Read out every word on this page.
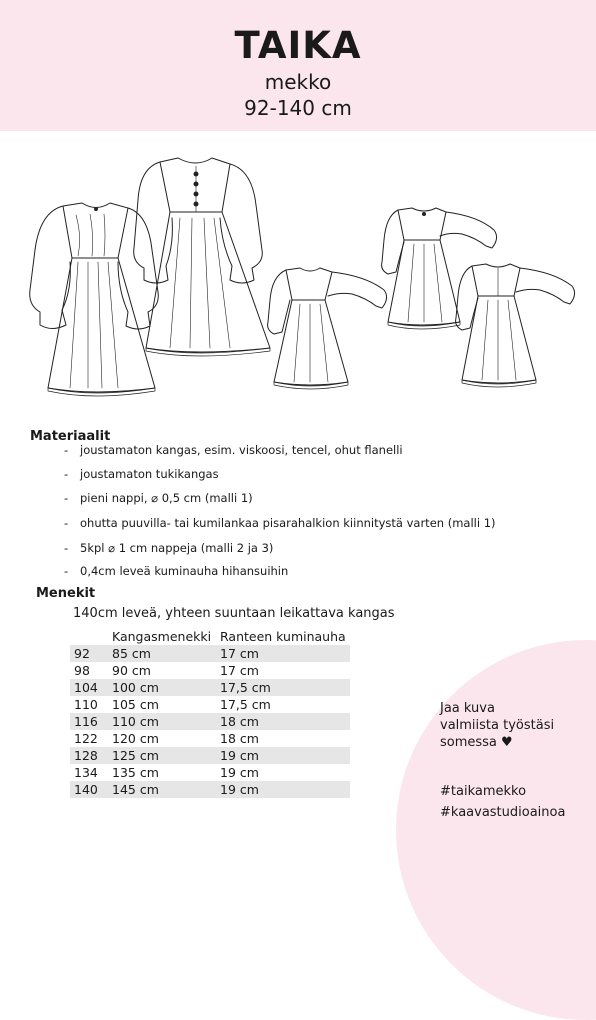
TAIKA
mekko
92-140 cm
Materiaalit
- joustamaton kangas, esim. viskoosi, tencel, ohut flanelli
- joustamaton tukikangas
- pieni nappi, ⌀ 0,5 cm (malli 1)
- ohutta puuvilla- tai kumilankaa pisarahalkion kiinnitystä varten (malli 1)
- 5kpl ⌀ 1 cm nappeja (malli 2 ja 3)
- 0,4cm leveä kuminauha hihansuihin
Menekit
140cm leveä, yhteen suuntaan leikattava kangas
	Kangasmenekki	Ranteen kuminauha
92	85 cm	17 cm
98	90 cm	17 cm
104	100 cm	17,5 cm
110	105 cm	17,5 cm
116	110 cm	18 cm
122	120 cm	18 cm
128	125 cm	19 cm
134	135 cm	19 cm
140	145 cm	19 cm
Jaa kuva
valmiista työstäsi
somessa ♥
#taikamekko
#kaavastudioainoa
